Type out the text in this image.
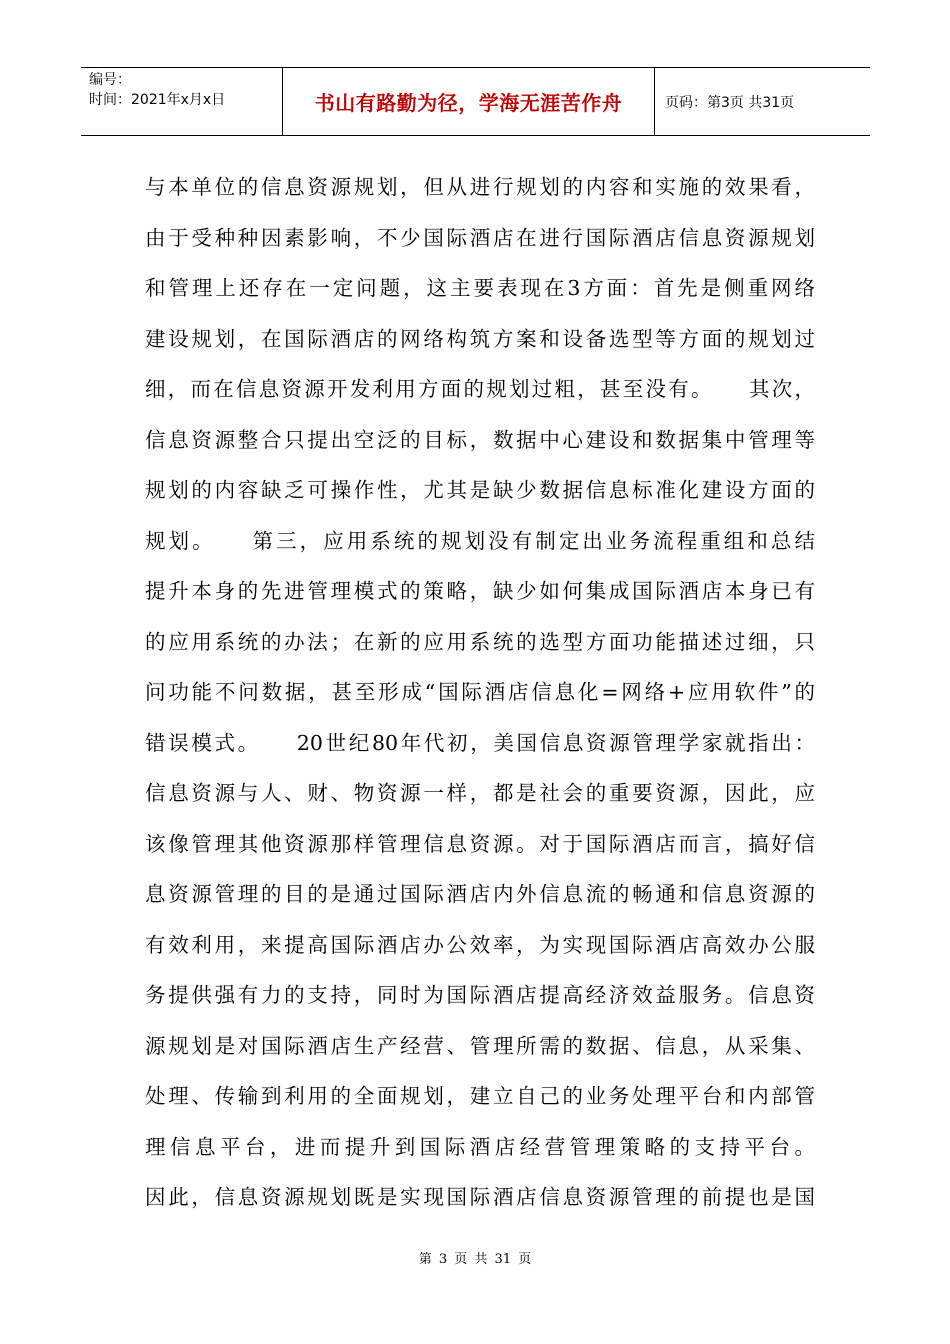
编号：
时间：2021年x月x日	书山有路勤为径，学海无涯苦作舟	页码：第3页 共31页
与本单位的信息资源规划，但从进行规划的内容和实施的效果看，
由于受种种因素影响，不少国际酒店在进行国际酒店信息资源规划
和管理上还存在一定问题，这主要表现在3方面：首先是侧重网络
建设规划，在国际酒店的网络构筑方案和设备选型等方面的规划过
细，而在信息资源开发利用方面的规划过粗，甚至没有。　　其次，
信息资源整合只提出空泛的目标，数据中心建设和数据集中管理等
规划的内容缺乏可操作性，尤其是缺少数据信息标准化建设方面的
规划。　　第三，应用系统的规划没有制定出业务流程重组和总结
提升本身的先进管理模式的策略，缺少如何集成国际酒店本身已有
的应用系统的办法；在新的应用系统的选型方面功能描述过细，只
问功能不问数据，甚至形成“国际酒店信息化=网络+应用软件”的
错误模式。　　20世纪80年代初，美国信息资源管理学家就指出：
信息资源与人、财、物资源一样，都是社会的重要资源，因此，应
该像管理其他资源那样管理信息资源。对于国际酒店而言，搞好信
息资源管理的目的是通过国际酒店内外信息流的畅通和信息资源的
有效利用，来提高国际酒店办公效率，为实现国际酒店高效办公服
务提供强有力的支持，同时为国际酒店提高经济效益服务。信息资
源规划是对国际酒店生产经营、管理所需的数据、信息，从采集、
处理、传输到利用的全面规划，建立自己的业务处理平台和内部管
理信息平台，进而提升到国际酒店经营管理策略的支持平台。
因此，信息资源规划既是实现国际酒店信息资源管理的前提也是国
第 3 页 共 31 页
